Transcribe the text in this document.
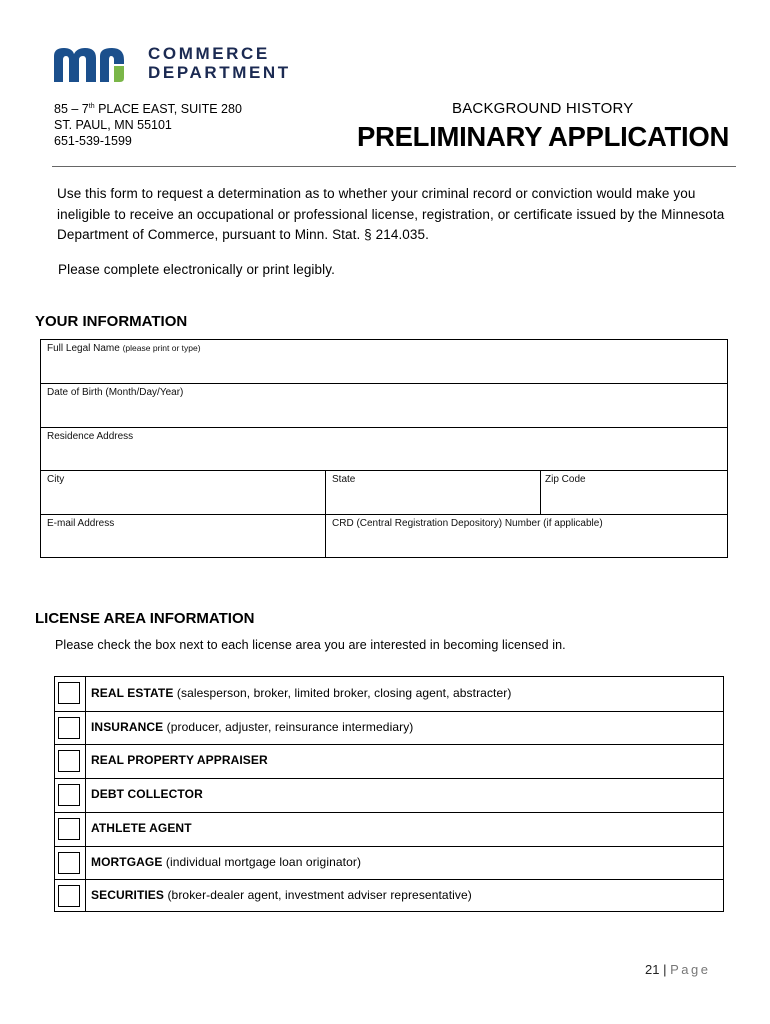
COMMERCE
DEPARTMENT
85 – 7th PLACE EAST, SUITE 280
ST. PAUL, MN 55101
651-539-1599
BACKGROUND HISTORY
PRELIMINARY APPLICATION
Use this form to request a determination as to whether your criminal record or conviction would make you ineligible to receive an occupational or professional license, registration, or certificate issued by the Minnesota Department of Commerce, pursuant to Minn. Stat. § 214.035.
Please complete electronically or print legibly.
YOUR INFORMATION
Full Legal Name (please print or type)
Date of Birth (Month/Day/Year)
Residence Address
City	State	Zip Code
E-mail Address	CRD (Central Registration Depository) Number (if applicable)
LICENSE AREA INFORMATION
Please check the box next to each license area you are interested in becoming licensed in.
REAL ESTATE (salesperson, broker, limited broker, closing agent, abstracter)
INSURANCE (producer, adjuster, reinsurance intermediary)
REAL PROPERTY APPRAISER
DEBT COLLECTOR
ATHLETE AGENT
MORTGAGE (individual mortgage loan originator)
SECURITIES (broker-dealer agent, investment adviser representative)
21 | Page
